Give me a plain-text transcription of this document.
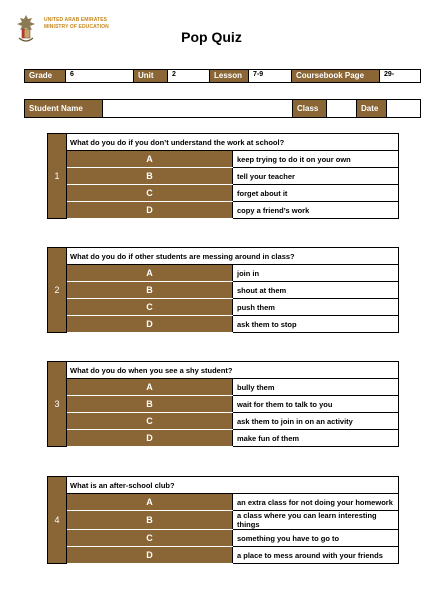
UNITED ARAB EMIRATES
MINISTRY OF EDUCATION
Pop Quiz
Grade	6	Unit	2	Lesson	7-9	Coursebook Page	29-
Student Name		Class		Date	
1	What do you do if you don’t understand the work at school?	
	A	keep trying to do it on your own
	B	tell your teacher
	C	forget about it
	D	copy a friend’s work
2	What do you do if other students are messing around in class?	
	A	join in
	B	shout at them
	C	push them
	D	ask them to stop
3	What do you do when you see a shy student?	
	A	bully them
	B	wait for them to talk to you
	C	ask them to join in on an activity
	D	make fun of them
4	What is an after-school club?	
	A	an extra class for not doing your homework
	B	a class where you can learn interesting things
	C	something you have to go to
	D	a place to mess around with your friends
